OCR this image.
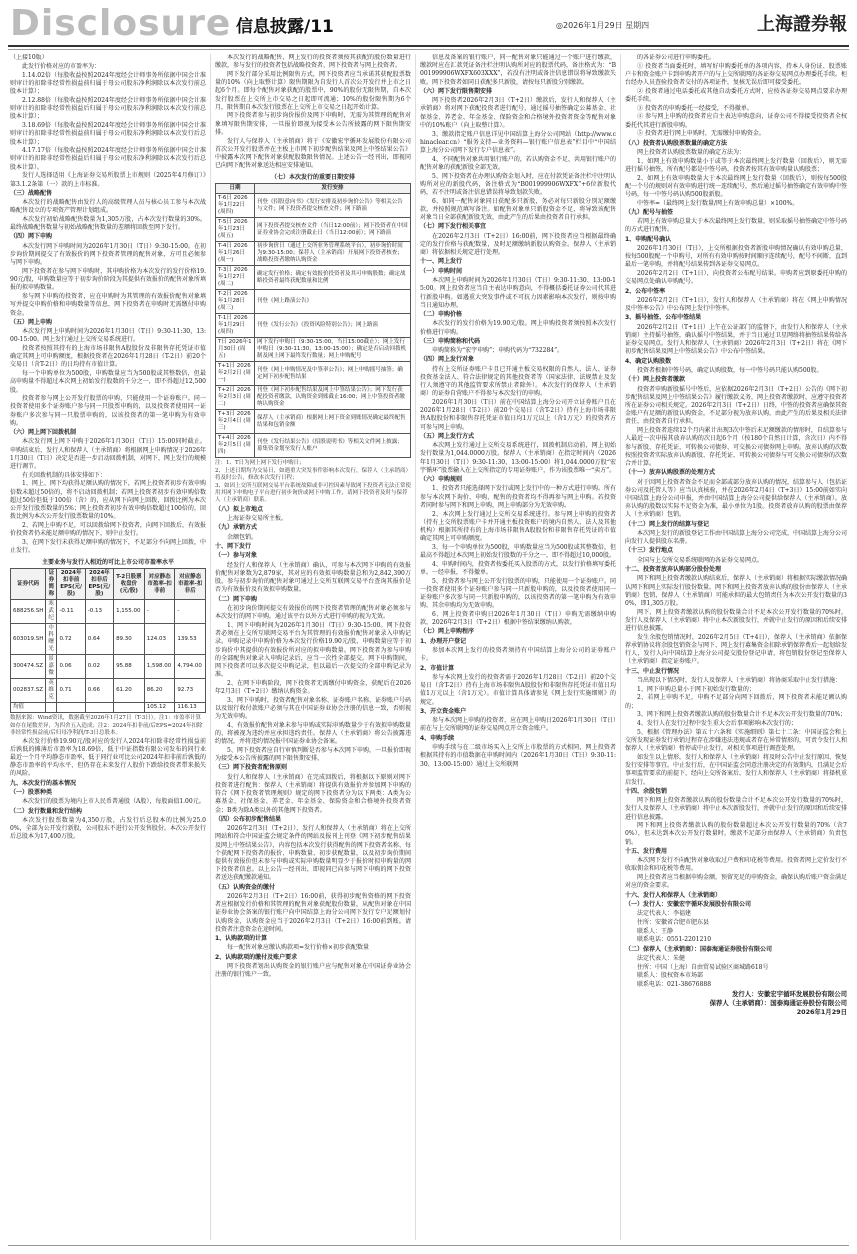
Disclosure 信息披露/11	◎2026年1月29日 星期四	上海證券報
（上接10版）
此发行价格对应的市盈率为：
1.14.02倍（每股收益按照2024年度经会计师事务所依据中国会计准则审计的扣除非经常性损益前归属于母公司股东净利润除以本次发行前总股本计算）；
2.12.88倍（每股收益按照2024年度经会计师事务所依据中国会计准则审计的扣除非经常性损益后归属于母公司股东净利润除以本次发行前总股本计算）；
3.18.69倍（每股收益按照2024年度经会计师事务所依据中国会计准则审计的扣除非经常性损益前归属于母公司股东净利润除以本次发行后总股本计算）；
4.17.17倍（每股收益按照2024年度经会计师事务所依据中国会计准则审计的扣除非经常性损益后归属于母公司股东净利润除以本次发行后总股本计算）。
发行人选择适用《上海证券交易所股票上市规则（2025年4月修订）》第3.1.2条第（一）款的上市标准。
（三）战略配售
本次发行的战略配售由发行人的高级管理人员与核心员工参与本次战略配售设立的专项资产管理计划组成。
本次发行初始战略配售数量为1,305万股，占本次发行数量的30%。最终战略配售数量与初始战略配售数量的差额将回拨至网下发行。
（四）网下申购
本次发行网下申购时间为2026年1月30日（T日）9:30-15:00。在初步询价期间提交了有效报价的网下投资者管理的配售对象，方可且必须参与网下申购。
网下投资者在参与网下申购时，其申购价格为本次发行的发行价格19.90元/股，申购数量应等于初步询价阶段为其提供有效报价的配售对象所填报的拟申购数量。
参与网下申购的投资者，应在申购时为其管理的有效报价配售对象填写并提交申购价格和申购数量等信息，网下投资者在申购时无需缴付申购资金。
（五）网上申购
本次发行网上申购时间为2026年1月30日（T日）9:30-11:30，13:00-15:00。网上发行通过上交所交易系统进行。
投资者按照其持有的上海市场非限售A股股份及非限售存托凭证市值确定其网上可申购额度，根据投资者在2026年1月28日（T-2日）前20个交易日（含T-2日）的日均持有市值计算。
每一个申购单位为500股，申购数量应当为500股或其整数倍，但最高申购量不得超过本次网上初始发行股数的千分之一，即不得超过12,500股。
投资者参与网上公开发行股票的申购，只能使用一个证券账户。同一投资者使用多个证券账户参与同一只股票申购的，以及投资者使用同一证券账户多次参与同一只股票申购的，以该投资者的第一笔申购为有效申购。
（六）网上网下回拨机制
本次发行网上网下申购于2026年1月30日（T日）15:00同时截止。申购结束后，发行人和保荐人（主承销商）将根据网上申购情况于2026年1月30日（T日）决定是否进一步启动回拨机制，对网下、网上发行的规模进行调节。
有关回拨机制的具体安排如下：
1、网上、网下均获得足额认购的情况下，若网上投资者初步有效申购倍数未超过50倍的，将不启动回拨机制；若网上投资者初步有效申购倍数超过50倍但低于100倍（含）的，应从网下向网上回拨，回拨比例为本次公开发行股票数量的5%；网上投资者初步有效申购倍数超过100倍的，回拨比例为本次公开发行股票数量的10%。
2、若网上申购不足，可以回拨给网下投资者，向网下回拨后，有效报价投资者仍未能足额申购的情况下，则中止发行。
3、在网下发行未获得足额申购的情况下，不足部分不向网上回拨，中止发行。
主要业务与发行人相近的可比上市公司市盈率水平
证券代码	证券简称	2024年扣非前EPS(元/股)	2024年扣非后EPS(元/股)	T-2日股票收盘价(元/股)	对应静态市盈率-扣非前	对应静态市盈率-扣非后
688256.SH	寒武纪	-0.11	-0.13	1,155.00	-	-
603019.SH	中科曙光	0.72	0.64	89.30	124.03	139.53
300474.SZ	景嘉微	0.06	0.02	95.88	1,598.00	4,794.00
002837.SZ	英维克	0.71	0.66	61.20	86.20	92.73
均值					105.12	116.13
数据来源：Wind资讯，数据截至2026年1月27日（T-3日）。注1：市盈率计算如存在尾数差异，为四舍五入造成；注2：2024年扣非前/后EPS=2024年扣除非经常性损益前/后归母净利润/T-3日总股本。
本次发行价格19.90元/股对应的发行人2024年扣除非经常性损益前后孰低的摊薄后市盈率为18.69倍，低于中证指数有限公司发布的同行业最近一个月平均静态市盈率，低于同行业可比公司2024年扣非前后孰低的静态市盈率的平均水平，但仍存在未来发行人股价下跌给投资者带来损失的风险。
九、本次发行的基本情况
（一）股票种类
本次发行的股票为境内上市人民币普通股（A股），每股面值1.00元。
（二）发行数量和发行结构
本次发行股票数量为4,350万股，占发行后总股本的比例为25.00%，全部为公开发行新股，公司股东不进行公开发售股份。本次公开发行后总股本为17,400万股。
本次发行的战略配售，网上发行的投资者须按其获配的股份数量进行缴款，参与发行的投资者包括战略投资者、网下投资者与网上投资者。
网下发行部分采用比例限售方式，网下投资者应当承诺其获配股票数量的10%（向上取整计算）限售期限为自发行人首次公开发行并上市之日起6个月。即每个配售对象获配的股票中，90%的股份无限售期，自本次发行股票在上交所上市交易之日起即可流通；10%的股份限售期为6个月，限售期自本次发行股票在上交所上市交易之日起开始计算。
网下投资者参与初步询价报价及网下申购时，无需为其管理的配售对象填写限售期安排，一旦报价即视为接受本公告所披露的网下限售期安排。
发行人与保荐人（主承销商）将于《安徽宏宇循环发展股份有限公司首次公开发行股票并在主板上市网下初步配售结果及网上中签结果公告》中披露本次网下配售对象获配股数限售情况。上述公告一经刊出，即视同已向网下配售对象送达相应安排通知。
（七）本次发行的重要日期安排
日期	发行安排
T-6日 2026年1月22日 (周四)	刊登《招股意向书》《发行安排及初步询价公告》等相关公告与文件；网下投资者提交核查文件；网下路演
T-5日 2026年1月23日 (周五)	网下投资者提交核查文件（当日12:00前）；网下投资者在中国证券业协会完成注册截止日（当日12:00前）；网下路演
T-4日 2026年1月26日 (周一)	初步询价日（通过上交所业务管理系统平台），初步询价时间为9:30-15:00；保荐人（主承销商）开展网下投资者核查；战略投资者缴纳认购资金
T-3日 2026年1月27日 (周二)	确定发行价格；确定有效报价投资者及其可申购股数；确定战略投资者最终获配数量和比例
T-2日 2026年1月28日 (周三)	刊登《网上路演公告》
T-1日 2026年1月29日 (周四)	刊登《发行公告》《投资风险特别公告》；网上路演
T日 2026年1月30日 (周五)	网下发行申购日（9:30-15:00，当日15:00截止）；网上发行申购日（9:30-11:30，13:00-15:00）；确定是否启动回拨机制及网上网下最终发行数量；网上申购配号
T+1日 2026年2月2日 (周一)	刊登《网上申购情况及中签率公告》；网上申购摇号抽签；确定网下初步配售结果
T+2日 2026年2月3日 (周二)	刊登《网下初步配售结果及网上中签结果公告》；网下发行获配投资者缴款，认购资金到账截止16:00；网上中签投资者缴纳认购资金
T+3日 2026年2月4日 (周三)	保荐人（主承销商）根据网上网下资金到账情况确定最终配售结果和包销金额
T+4日 2026年2月5日 (周四)	刊登《发行结果公告》《招股说明书》等相关文件网上披露；募集资金划至发行人账户
注：1、T日为网上网下发行申购日；
2、上述日期均为交易日，如遇重大突发事件影响本次发行，保荐人（主承销商）将及时公告，修改本次发行日程；
3、如因上交所互联网交易平台系统故障或非可控因素导致网下投资者无法正常使用其网下申购电子平台进行初步询价或网下申购工作，请网下投资者及时与保荐人（主承销商）联系。
（八）拟上市地点
上海证券交易所主板。
（九）承销方式
余额包销。
十、网下发行
（一）参与对象
经发行人和保荐人（主承销商）确认，可参与本次网下申购的有效报价配售对象数为2,879家，其对应的有效拟申购数量总和为2,842,390万股。参与初步询价的配售对象可通过上交所互联网交易平台查询其报价是否为有效报价及有效拟申购数量。
（二）网下申购
在初步询价期间提交有效报价的网下投资者管理的配售对象必须参与本次发行的网下申购，通过该平台以外方式进行申购的视为无效。
1、网下申购时间为2026年1月30日（T日）9:30-15:00。网下投资者必须在上交所互联网交易平台为其管理的有效报价配售对象录入申购记录。申购记录中申购价格为本次发行价格19.90元/股，申购数量应等于初步询价中其提供的有效报价所对应的拟申购数量。网下投资者为参与申购的全部配售对象录入申购记录后，应当一次性全部提交。网下申购期间，网下投资者可以多次提交申购记录，但以最后一次提交的全部申购记录为准。
2、在网下申购阶段，网下投资者无需缴付申购资金，获配后在2026年2月3日（T+2日）缴纳认购资金。
3、网下申购时，投资者配售对象名称、证券账户名称、证券账户号码以及银行收付款账户必须与其在中国证券业协会注册的信息一致，否则视为无效申购。
4、有效报价配售对象未参与申购或实际申购数量少于有效拟申购数量的，将被视为违约并应承担违约责任。保荐人（主承销商）将公告披露违约情况，并将违约情况报中国证券业协会备案。
5、网下投资者应自行审慎判断是否参与本次网下申购，一旦报价即视为接受本公告所披露的网下限售期安排。
（三）网下投资者配售原则
发行人和保荐人（主承销商）在完成回拨后，将根据以下原则对网下投资者进行配售：保荐人（主承销商）将提供有效报价并参加网下申购的符合《网下投资者管理规则》规定的网下投资者分为以下两类：A类为公募基金、社保基金、养老金、年金基金、保险资金和合格境外投资者资金；B类为除A类以外的其他网下投资者。
（四）公布初步配售结果
2026年2月3日（T+2日），发行人和保荐人（主承销商）将在上交所网站和符合中国证监会规定条件的网站及报刊上刊登《网下初步配售结果及网上中签结果公告》，内容包括本次发行获得配售的网下投资者名称、每个获配网下投资者的报价、申购数量、初步获配数量，以及初步询价期间提供有效报价但未参与申购或实际申购数量明显少于报价时拟申购量的网下投资者信息。以上公告一经刊出，即视同已向参与网下申购的网下投资者送达获配缴款通知。
（五）认购资金的缴付
2026年2月3日（T+2日）16:00前，获得初步配售资格的网下投资者应根据发行价格和其管理的配售对象获配股份数量，从配售对象在中国证券业协会备案的银行账户向中国结算上海分公司网下发行专户足额划付认购资金，认购资金应当于2026年2月3日（T+2日）16:00前到账。请投资者注意资金在途时间。
1、认购款项的计算
每一配售对象应缴认购款项=发行价格×初步获配数量
2、认购款项的缴付及账户要求
网下投资者划出认购资金的银行账户应与配售对象在中国证券业协会注册的银行账户一致。
信息及备案的银行账户，同一配售对象只能通过一个账户进行缴款，缴款时应在汇款凭证备注栏注明认购所对应的股票代码，备注格式为：“B001999906WXFX603XXX”，若没有注明或备注信息错误将导致缴款失败。网下投资者如同日获配多只新股，请按每只新股分别缴款。
（六）网下发行限售期安排
网下投资者2026年2月3日（T+2日）缴款后，发行人和保荐人（主承销商）将对网下获配投资者进行配号，通过摇号抽签确定公募基金、社保基金、养老金、年金基金、保险资金和合格境外投资者资金等配售对象中的10%账户（向上取整计算）。
3、缴款指定账户信息详见中国结算上海分公司网站（http://www.chinaclear.cn）“服务支持—业务资料—银行账户信息表”栏目中“中国结算上海分公司网下发行专户信息表”。
4、不同配售对象共用银行账户的，若认购资金不足，共用银行账户的配售对象的获配新股全部无效。
5、网下投资者在办理认购资金划入时，应在付款凭证备注栏中注明认购所对应的新股代码，备注格式为“B001999906WXFX”+6位新股代码，若不注明或备注信息错误将导致划款失败。
6、如同一配售对象同日获配多只新股，务必对每只新股分别足额缴款，并按照规范填写备注。如配售对象单只新股资金不足，将导致该配售对象当日全部获配新股无效，由此产生的后果由投资者自行承担。
（七）网下发行相关事宜
在2026年2月3日（T+2日）16:00前，网下投资者应当根据最终确定的发行价格与获配数量，及时足额缴纳新股认购资金。保荐人（主承销商）将依据相关规定进行处理。
十一、网上发行
（一）申购时间
本次网上申购时间为2026年1月30日（T日）9:30-11:30、13:00-15:00。网上投资者应当自主表达申购意向，不得概括委托证券公司代其进行新股申购。如遇重大突发事件或不可抗力因素影响本次发行，则按申购当日通知办理。
（二）申购价格
本次发行的发行价格为19.90元/股。网上申购投资者须按照本次发行价格进行申购。
（三）申购简称和代码
申购简称为“宏宇申购”；申购代码为“732284”。
（四）网上发行对象
持有上交所证券账户卡且已开通主板交易权限的自然人、法人、证券投资基金法人、符合法律规定的其他投资者等（国家法律、法规禁止及发行人须遵守的其他监管要求所禁止者除外）。本次发行的保荐人（主承销商）的证券自营账户不得参与本次发行的申购。
2026年1月30日（T日）前在中国结算上海分公司开立证券账户且在2026年1月28日（T-2日）前20个交易日（含T-2日）持有上海市场非限售A股股份和非限售存托凭证市值日均1万元以上（含1万元）的投资者方可参与网上申购。
（五）网上发行方式
本次网上发行通过上交所交易系统进行，回拨机制启动前，网上初始发行数量为1,044.0000万股。保荐人（主承销商）在指定时间内（2026年1月30日（T日）9:30-11:30，13:00-15:00）将1,044.0000万股“宏宇循环”股票输入在上交所指定的专用证券账户，作为该股票唯一“卖方”。
（六）申购规则
1、投资者只能选择网下发行或网上发行中的一种方式进行申购。所有参与本次网下询价、申购、配售的投资者均不得再参与网上申购。若投资者同时参与网下和网上申购，网上申购部分为无效申购。
2、本次网上发行通过上交所交易系统进行。参与网上申购的投资者（持有上交所股票账户卡并开通主板投资账户的境内自然人、法人及其他机构）根据其所持有的上海市场非限售A股股份和非限售存托凭证的市值确定其网上可申购额度。
3、每一个申购单位为500股，申购数量应当为500股或其整数倍，但最高不得超过本次网上初始发行股数的千分之一，即不得超过10,000股。
4、申购时间内，投资者按委托买入股票的方式，以发行价格填写委托单。一经申报，不得撤单。
5、投资者参与网上公开发行股票的申购，只能使用一个证券账户。同一投资者使用多个证券账户参与同一只新股申购的，以及投资者使用同一证券账户多次参与同一只新股申购的，以该投资者的第一笔申购为有效申购，其余申购均为无效申购。
6、网上投资者申购日2026年1月30日（T日）申购无需缴纳申购款，2026年2月3日（T+2日）根据中签结果缴纳认购款。
（七）网上申购程序
1、办理开户登记
参加本次网上发行的投资者须持有中国结算上海分公司的证券账户卡。
2、市值计算
参与本次网上发行的投资者需于2026年1月28日（T-2日）前20个交易日（含T-2日）持有上海市场非限售A股股份和非限售存托凭证市值日均值1万元以上（含1万元）。市值计算具体请参见《网上发行实施细则》的规定。
3、开立资金账户
参与本次网上申购的投资者，应在网上申购日2026年1月30日（T日）前在与上交所联网的证券交易网点开立资金账户。
4、申购手续
申购手续与在二级市场买入上交所上市股票的方式相同，网上投资者根据其持有的市值数据在申购时间内（2026年1月30日（T日）9:30-11:30、13:00-15:00）通过上交所联网
的各证券公司进行申购委托。
① 投资者当面委托时，填写好申购委托单的各项内容，持本人身份证、股票账户卡和资金账户卡到申购者开户的与上交所联网的各证券交易网点办理委托手续。柜台经办人员查验投资者交付的各项证件，复核无误后即可接受委托。
② 投资者通过电话委托或其他自动委托方式时，应按各证券交易网点要求办理委托手续。
③ 投资者的申购委托一经接受，不得撤单。
④ 参与网上申购的投资者应自主表达申购意向，证券公司不得接受投资者全权委托代其进行新股申购。
⑤ 投资者进行网上申购时，无需缴付申购资金。
（八）投资者认购股票数量的确定方法
网上投资者认购股票数量的确定方法为：
1、如网上有效申购数量小于或等于本次最终网上发行数量（回拨后），则无需进行摇号抽签，所有配号都是中签号码，投资者按其有效申购量认购股票；
2、如网上有效申购数量大于本次最终网上发行数量（回拨后），则按每500股配一个号的规则对有效申购进行统一连续配号，然后通过摇号抽签确定有效申购中签号码，每一中签号码认购500股新股。
中签率=（最终网上发行数量/网上有效申购总量）×100%。
（九）配号与抽签
若网上有效申购总量大于本次最终网上发行数量，则采取摇号抽签确定中签号码的方式进行配售。
1、申购配号确认
2026年1月30日（T日），上交所根据投资者新股申购情况确认有效申购总量，按每500股配一个申购号，对所有有效申购按时间顺序连续配号，配号不间断，直到最后一笔申购，并将配号结果传到各证券交易网点。
2026年2月2日（T+1日），向投资者公布配号结果。申购者应到原委托申购的交易网点处确认申购配号。
2、公布中签率
2026年2月2日（T+1日），发行人和保荐人（主承销商）将在《网上申购情况及中签率公告》中公布网上发行中签率。
3、摇号抽签、公布中签结果
2026年2月2日（T+1日）上午在公证部门的监督下，由发行人和保荐人（主承销商）主持摇号抽签，确认摇号中签结果，并于当日通过卫星网络将抽签结果传给各证券交易网点。发行人和保荐人（主承销商）2026年2月3日（T+2日）将在《网下初步配售结果及网上中签结果公告》中公布中签结果。
4、确定认购股数
投资者根据中签号码，确定认购股数，每一中签号码只能认购500股。
（十）网上投资者缴款
投资者申购新股摇号中签后，应依据2026年2月3日（T+2日）公告的《网下初步配售结果及网上中签结果公告》履行缴款义务，网上投资者缴款时，应遵守投资者所在证券公司相关规定。2026年2月3日（T+2日）日终，中签的投资者应确保其资金账户有足额的新股认购资金，不足部分视为放弃认购，由此产生的后果及相关法律责任，由投资者自行承担。
网上投资者连续12个月内累计出现3次中签后未足额缴款的情形时，自结算参与人最近一次申报其放弃认购的次日起6个月（按180个自然日计算，含次日）内不得参与新股、存托凭证、可转换公司债券、可交换公司债券网上申购。放弃认购的次数按照投资者实际放弃认购新股、存托凭证、可转换公司债券与可交换公司债券的次数合并计算。
（十一）放弃认购股票的处理方式
对于因网上投资者资金不足而全部或部分放弃认购的情况，结算参与人（包括证券公司及托管人等）应当认真核验，并在2026年2月4日（T+3日）15:00前如实向中国结算上海分公司申报，并由中国结算上海分公司提供给保荐人（主承销商）。放弃认购的股数以实际不足资金为准，最小单位为1股。投资者放弃认购的股票由保荐人（主承销商）包销。
（十二）网上发行的结算与登记
本次网上发行的新股登记工作由中国结算上海分公司完成，中国结算上海分公司向发行人提供股东名册。
（十三）发行地点
全国与上交所交易系统联网的各证券交易网点。
十二、投资者放弃认购部分股份处理
网下和网上投资者缴款认购结束后，保荐人（主承销商）将根据实际缴款情况确认网下和网上实际发行股份数量。网下和网上投资者放弃认购的股份由保荐人（主承销商）包销，保荐人（主承销商）可能承担的最大包销责任为本次公开发行数量的30%，即1,305万股。
网下、网上投资者缴款认购的股份数量合计不足本次公开发行数量的70%时，发行人及保荐人（主承销商）将中止本次新股发行，并就中止发行的原因和后续安排进行信息披露。
发生余股包销情况时，2026年2月5日（T+4日），保荐人（主承销商）依据保荐承销协议将余股包销资金与网下、网上发行募集资金扣除承销保荐费后一起划给发行人，发行人向中国结算上海分公司提交股份登记申请，将包销股份登记至保荐人（主承销商）指定证券账户。
十三、中止发行情况
当出现以下情况时，发行人及保荐人（主承销商）将协商采取中止发行措施：
1、网下申购总量小于网下初始发行数量的；
2、若网上申购不足，申购不足部分向网下回拨后，网下投资者未能足额认购的；
3、网下和网上投资者缴款认购的股份数量合计不足本次公开发行数量的70%；
4、发行人在发行过程中发生重大会后事项影响本次发行的；
5、根据《管理办法》第五十六条和《实施细则》第七十二条：中国证监会和上交所发现证券发行承销过程存在涉嫌违法违规或者存在异常情形的，可责令发行人和保荐人（主承销商）暂停或中止发行，对相关事项进行调查处理。
如发生以上情形，发行人和保荐人（主承销商）将及时公告中止发行原因、恢复发行安排等事宜。中止发行后，在中国证监会同意注册决定的有效期内，且满足会后事项监管要求的前提下，经向上交所备案后，发行人和保荐人（主承销商）将择机重启发行。
十四、余股包销
网下和网上投资者缴款认购的股份数量合计不足本次公开发行数量的70%时，发行人及保荐人（主承销商）将中止本次新股发行，并就中止发行的原因和后续安排进行信息披露。
网下和网上投资者缴款认购的股份数量超过本次公开发行数量的70%（含70%），但未达到本次公开发行数量时，缴款不足部分由保荐人（主承销商）负责包销。
十五、发行费用
本次网下发行不向配售对象收取过户费和印花税等费用。投资者网上定价发行不收取佣金和印花税等费用。
网上投资者应当根据申购金额，预留充足的申购资金，确保认购后账户资金满足对应的资金要求。
十六、发行人和保荐人（主承销商）
（一）发行人：安徽宏宇循环发展股份有限公司
法定代表人：李福建
住所：安徽省合肥市肥东县
联系人：王静
联系电话：0551-2201210
（二）保荐人（主承销商）：国泰海通证券股份有限公司
法定代表人：朱健
住所：中国（上海）自由贸易试验区商城路618号
联系人：股权资本市场部
联系电话：021-38676888
发行人：安徽宏宇循环发展股份有限公司
保荐人（主承销商）：国泰海通证券股份有限公司
2026年1月29日
